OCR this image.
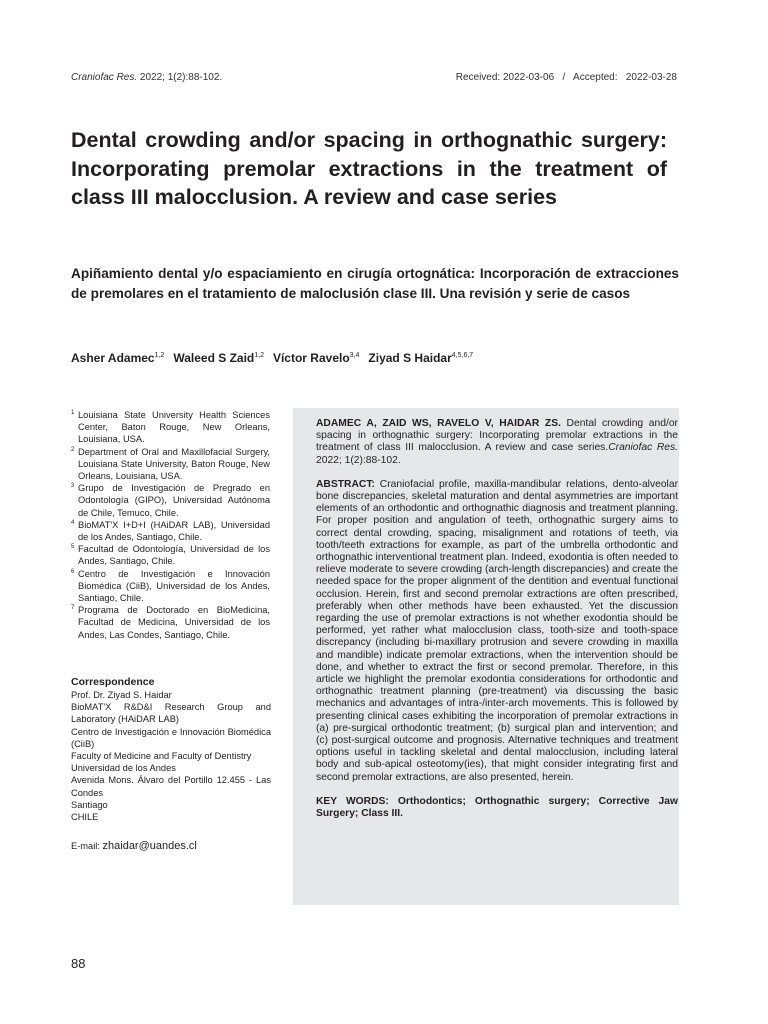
Craniofac Res. 2022; 1(2):88-102.	Received: 2022-03-06   /   Accepted:   2022-03-28
Dental crowding and/or spacing in orthognathic surgery: Incorporating premolar extractions in the treatment of class III malocclusion. A review and case series
Apiñamiento dental y/o espaciamiento en cirugía ortognática: Incorporación de extracciones de premolares en el tratamiento de maloclusión clase III. Una revisión y serie de casos
Asher Adamec$^{1,2}$ Waleed S Zaid$^{1,2}$ Víctor Ravelo$^{3,4}$ Ziyad S Haidar$^{4,5,6,7}$
1 Louisiana State University Health Sciences Center, Baton Rouge, New Orleans, Louisiana, USA.
2 Department of Oral and Maxillofacial Surgery, Louisiana State University, Baton Rouge, New Orleans, Louisiana, USA.
3 Grupo de Investigación de Pregrado en Odontología (GIPO), Universidad Autónoma de Chile, Temuco, Chile.
4 BioMAT'X I+D+I (HAiDAR LAB), Universidad de los Andes, Santiago, Chile.
5 Facultad de Odontología, Universidad de los Andes, Santiago, Chile.
6 Centro de Investigación e Innovación Biomédica (CiiB), Universidad de los Andes, Santiago, Chile.
7 Programa de Doctorado en BioMedicina, Facultad de Medicina, Universidad de los Andes, Las Condes, Santiago, Chile.
Correspondence
Prof. Dr. Ziyad S. Haidar
BioMAT'X R&D&I Research Group and Laboratory (HAiDAR LAB)
Centro de Investigación e Innovación Biomédica (CiiB)
Faculty of Medicine and Faculty of Dentistry
Universidad de los Andes
Avenida Mons. Álvaro del Portillo 12.455 - Las Condes
Santiago
CHILE
E-mail: zhaidar@uandes.cl

ADAMEC A, ZAID WS, RAVELO V, HAIDAR ZS. Dental crowding and/or spacing in orthognathic surgery: Incorporating premolar extractions in the treatment of class III malocclusion. A review and case series.Craniofac Res. 2022; 1(2):88-102.

ABSTRACT: Craniofacial profile, maxilla-mandibular relations, dento-alveolar bone discrepancies, skeletal maturation and dental asymmetries are important elements of an orthodontic and orthognathic diagnosis and treatment planning. For proper position and angulation of teeth, orthognathic surgery aims to correct dental crowding, spacing, misalignment and rotations of teeth, via tooth/teeth extractions for example, as part of the umbrella orthodontic and orthognathic interventional treatment plan. Indeed, exodontia is often needed to relieve moderate to severe crowding (arch-length discrepancies) and create the needed space for the proper alignment of the dentition and eventual functional occlusion. Herein, first and second premolar extractions are often prescribed, preferably when other methods have been exhausted. Yet the discussion regarding the use of premolar extractions is not whether exodontia should be performed, yet rather what malocclusion class, tooth-size and tooth-space discrepancy (including bi-maxillary protrusion and severe crowding in maxilla and mandible) indicate premolar extractions, when the intervention should be done, and whether to extract the first or second premolar. Therefore, in this article we highlight the premolar exodontia considerations for orthodontic and orthognathic treatment planning (pre-treatment) via discussing the basic mechanics and advantages of intra-/inter-arch movements. This is followed by presenting clinical cases exhibiting the incorporation of premolar extractions in (a) pre-surgical orthodontic treatment; (b) surgical plan and intervention; and (c) post-surgical outcome and prognosis. Alternative techniques and treatment options useful in tackling skeletal and dental malocclusion, including lateral body and sub-apical osteotomy(ies), that might consider integrating first and second premolar extractions, are also presented, herein.

KEY WORDS: Orthodontics; Orthognathic surgery; Corrective Jaw Surgery; Class III.

88
